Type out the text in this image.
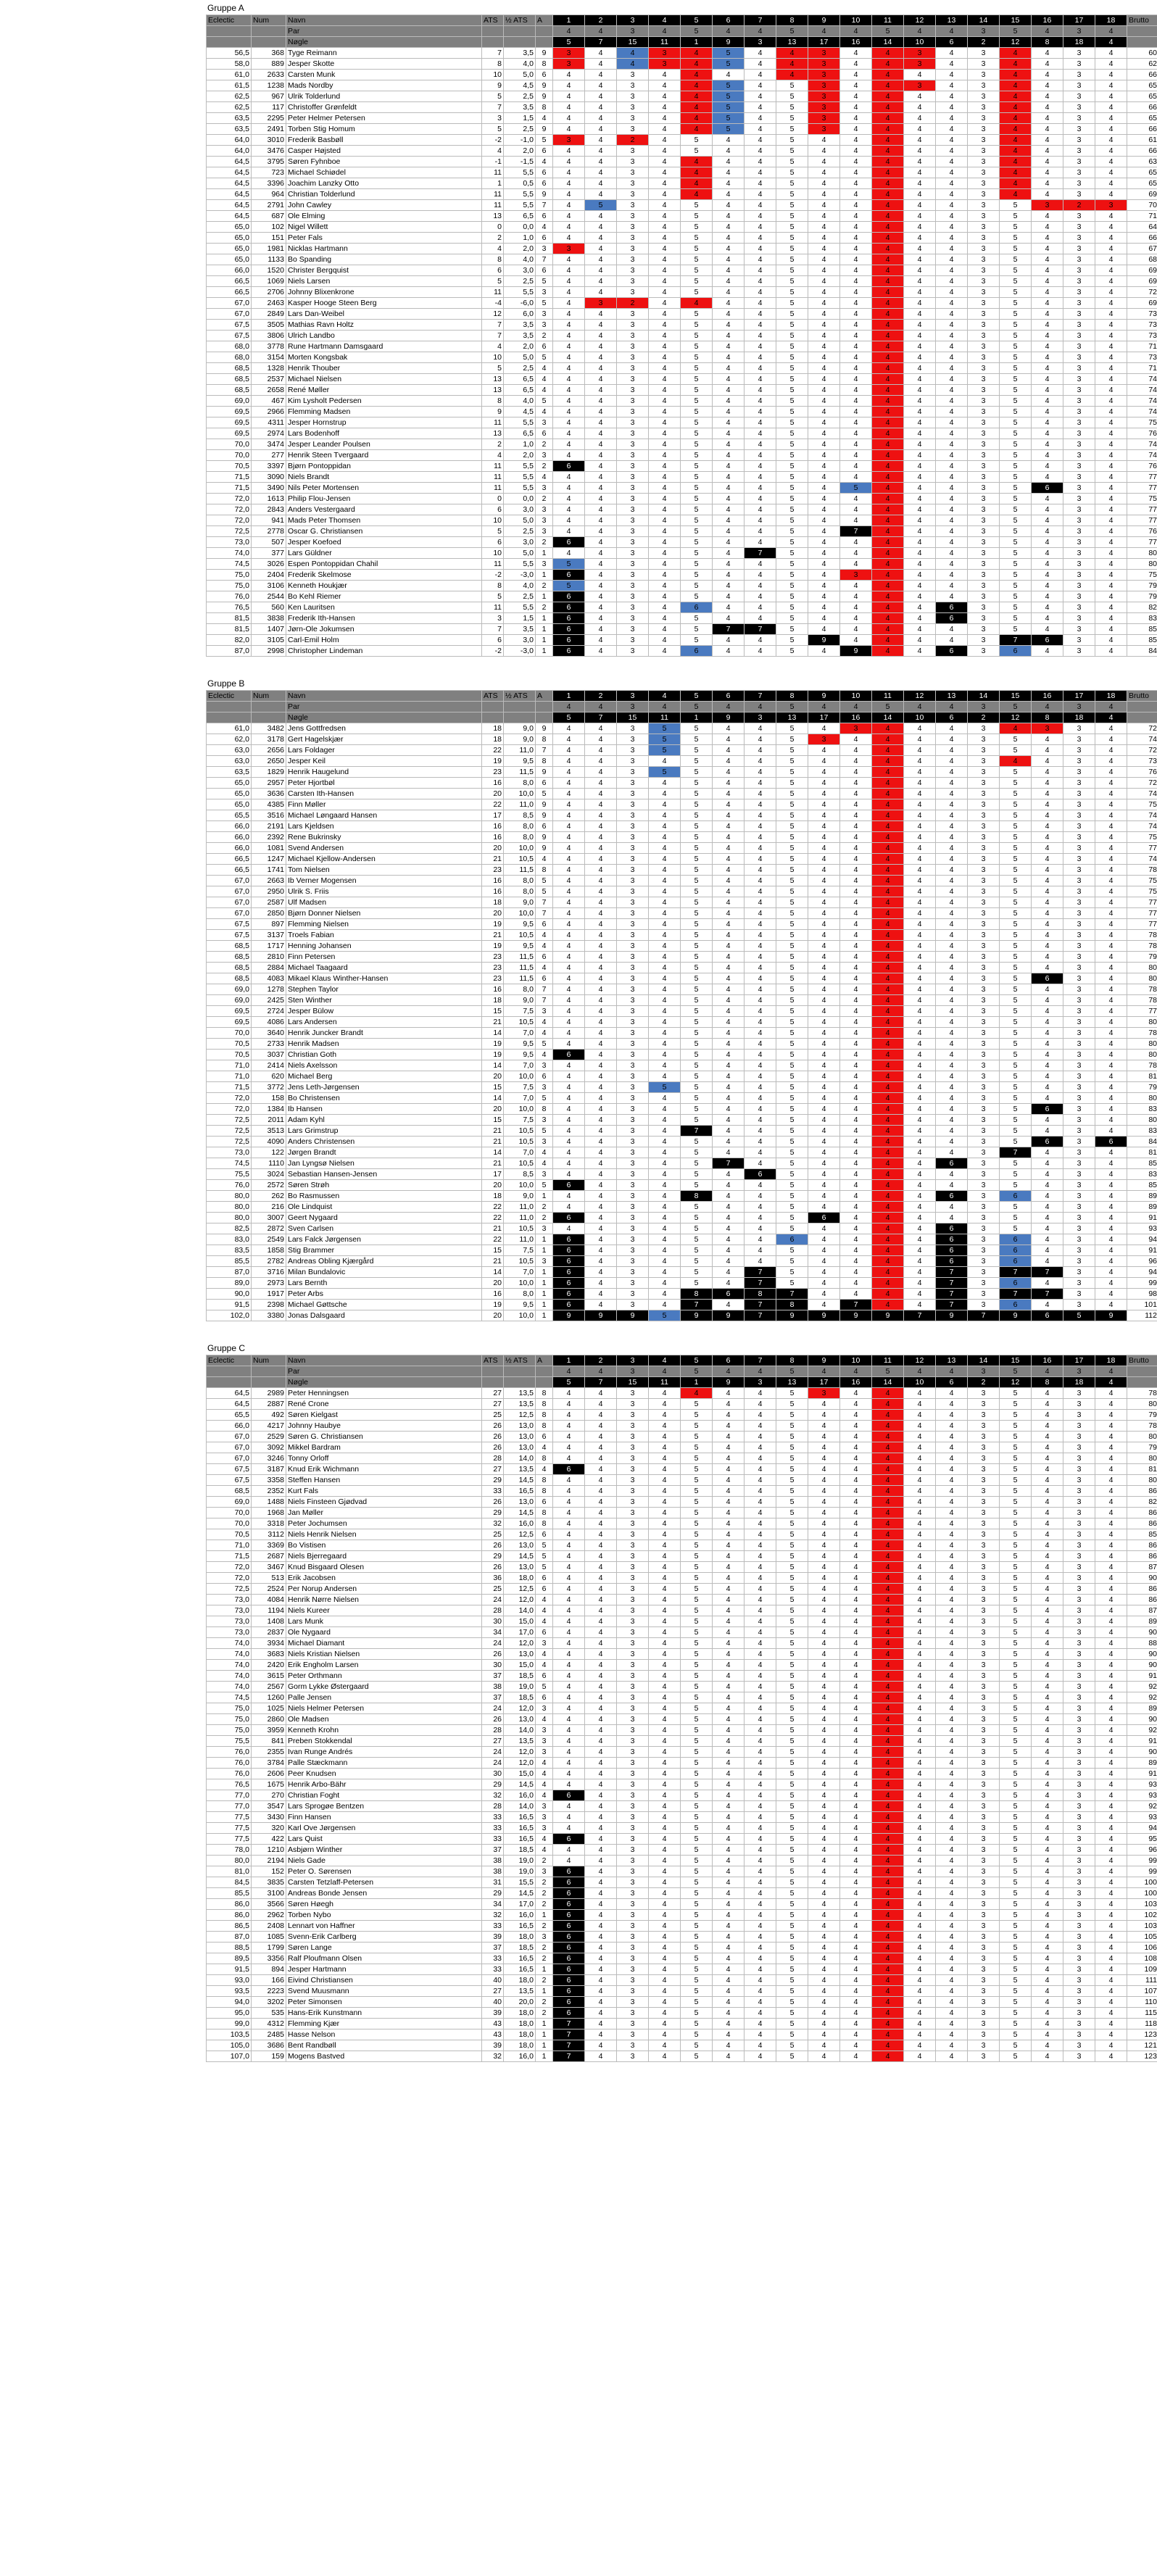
Gruppe A
Eclectic	Num	Navn	ATS	½ ATS	A	1	2	3	4	5	6	7	8	9	10	11	12	13	14	15	16	17	18	Brutto
		Par				4	4	3	4	5	4	4	5	4	4	5	4	4	3	5	4	3	4	
		Nøgle				5	7	15	11	1	9	3	13	17	16	14	10	6	2	12	8	18	4	
56,5	368	Tyge Reimann	7	3,5	9	3	4	4	3	4	5	4	4	3	4	4	3	4	3	4	4	3	4	60
58,0	889	Jesper Skotte	8	4,0	8	3	4	4	3	4	5	4	4	3	4	4	3	4	3	4	4	3	4	62
61,0	2633	Carsten Munk	10	5,0	6	4	4	3	4	4	4	4	4	3	4	4	4	4	3	4	4	3	4	66
61,5	1238	Mads Nordby	9	4,5	9	4	4	3	4	4	5	4	5	3	4	4	3	4	3	4	4	3	4	65
62,5	967	Ulrik Tolderlund	5	2,5	9	4	4	3	4	4	5	4	5	3	4	4	4	4	3	4	4	3	4	65
62,5	117	Christoffer Grønfeldt	7	3,5	8	4	4	3	4	4	5	4	5	3	4	4	4	4	3	4	4	3	4	66
63,5	2295	Peter Helmer Petersen	3	1,5	4	4	4	3	4	4	5	4	5	3	4	4	4	4	3	4	4	3	4	65
63,5	2491	Torben Stig Homum	5	2,5	9	4	4	3	4	4	5	4	5	3	4	4	4	4	3	4	4	3	4	66
64,0	3010	Frederik Basbøll	-2	-1,0	5	3	4	2	4	5	4	4	5	4	4	4	4	4	3	4	4	3	4	61
64,0	3476	Casper Højsted	4	2,0	6	4	4	3	4	5	4	4	5	4	4	4	4	4	3	4	4	3	4	66
64,5	3795	Søren Fyhnboe	-1	-1,5	4	4	4	3	4	4	4	4	5	4	4	4	4	4	3	4	4	3	4	63
64,5	723	Michael Schiødel	11	5,5	6	4	4	3	4	4	4	4	5	4	4	4	4	4	3	4	4	3	4	65
64,5	3396	Joachim Lanzky Otto	1	0,5	6	4	4	3	4	4	4	4	5	4	4	4	4	4	3	4	4	3	4	65
64,5	964	Christian Tolderlund	11	5,5	9	4	4	3	4	4	4	4	5	4	4	4	4	4	3	4	4	3	4	69
64,5	2791	John Cawley	11	5,5	7	4	5	3	4	5	4	4	5	4	4	4	4	4	3	5	3	2	3	70
64,5	687	Ole Elming	13	6,5	6	4	4	3	4	5	4	4	5	4	4	4	4	4	3	5	4	3	4	71
65,0	102	Nigel Willett	0	0,0	4	4	4	3	4	5	4	4	5	4	4	4	4	4	3	5	4	3	4	64
65,0	151	Peter Fals	2	1,0	6	4	4	3	4	5	4	4	5	4	4	4	4	4	3	5	4	3	4	66
65,0	1981	Nicklas Hartmann	4	2,0	3	3	4	3	4	5	4	4	5	4	4	4	4	4	3	5	4	3	4	67
65,0	1133	Bo Spanding	8	4,0	7	4	4	3	4	5	4	4	5	4	4	4	4	4	3	5	4	3	4	68
66,0	1520	Christer Bergquist	6	3,0	6	4	4	3	4	5	4	4	5	4	4	4	4	4	3	5	4	3	4	69
66,5	1069	Niels Larsen	5	2,5	5	4	4	3	4	5	4	4	5	4	4	4	4	4	3	5	4	3	4	69
66,5	2706	Johnny Blixenkrone	11	5,5	3	4	4	3	4	5	4	4	5	4	4	4	4	4	3	5	4	3	4	72
67,0	2463	Kasper Hooge Steen Berg	-4	-6,0	5	4	3	2	4	4	4	4	5	4	4	4	4	4	3	5	4	3	4	69
67,0	2849	Lars Dan-Weibel	12	6,0	3	4	4	3	4	5	4	4	5	4	4	4	4	4	3	5	4	3	4	73
67,5	3505	Mathias Ravn Holtz	7	3,5	3	4	4	3	4	5	4	4	5	4	4	4	4	4	3	5	4	3	4	73
67,5	3806	Ulrich Landbo	7	3,5	2	4	4	3	4	5	4	4	5	4	4	4	4	4	3	5	4	3	4	73
68,0	3778	Rune Hartmann Damsgaard	4	2,0	6	4	4	3	4	5	4	4	5	4	4	4	4	4	3	5	4	3	4	71
68,0	3154	Morten Kongsbak	10	5,0	5	4	4	3	4	5	4	4	5	4	4	4	4	4	3	5	4	3	4	73
68,5	1328	Henrik Thouber	5	2,5	4	4	4	3	4	5	4	4	5	4	4	4	4	4	3	5	4	3	4	71
68,5	2537	Michael Nielsen	13	6,5	4	4	4	3	4	5	4	4	5	4	4	4	4	4	3	5	4	3	4	74
68,5	2658	René Møller	13	6,5	4	4	4	3	4	5	4	4	5	4	4	4	4	4	3	5	4	3	4	74
69,0	467	Kim Lysholt Pedersen	8	4,0	5	4	4	3	4	5	4	4	5	4	4	4	4	4	3	5	4	3	4	74
69,5	2966	Flemming Madsen	9	4,5	4	4	4	3	4	5	4	4	5	4	4	4	4	4	3	5	4	3	4	74
69,5	4311	Jesper Hornstrup	11	5,5	3	4	4	3	4	5	4	4	5	4	4	4	4	4	3	5	4	3	4	75
69,5	2974	Lars Bodenhoff	13	6,5	6	4	4	3	4	5	4	4	5	4	4	4	4	4	3	5	4	3	4	76
70,0	3474	Jesper Leander Poulsen	2	1,0	2	4	4	3	4	5	4	4	5	4	4	4	4	4	3	5	4	3	4	74
70,0	277	Henrik Steen Tvergaard	4	2,0	3	4	4	3	4	5	4	4	5	4	4	4	4	4	3	5	4	3	4	74
70,5	3397	Bjørn Pontoppidan	11	5,5	2	6	4	3	4	5	4	4	5	4	4	4	4	4	3	5	4	3	4	76
71,5	3090	Niels Brandt	11	5,5	4	4	4	3	4	5	4	4	5	4	4	4	4	4	3	5	4	3	4	77
71,5	3490	Nils Peter Mortensen	11	5,5	3	4	4	3	4	5	4	4	5	4	5	4	4	4	3	5	6	3	4	77
72,0	1613	Philip Flou-Jensen	0	0,0	2	4	4	3	4	5	4	4	5	4	4	4	4	4	3	5	4	3	4	75
72,0	2843	Anders Vestergaard	6	3,0	3	4	4	3	4	5	4	4	5	4	4	4	4	4	3	5	4	3	4	77
72,0	941	Mads Peter Thomsen	10	5,0	3	4	4	3	4	5	4	4	5	4	4	4	4	4	3	5	4	3	4	77
72,5	2778	Oscar G. Christiansen	5	2,5	3	4	4	3	4	5	4	4	5	4	7	4	4	4	3	5	4	3	4	76
73,0	507	Jesper Koefoed	6	3,0	2	6	4	3	4	5	4	4	5	4	4	4	4	4	3	5	4	3	4	77
74,0	377	Lars Güldner	10	5,0	1	4	4	3	4	5	4	7	5	4	4	4	4	4	3	5	4	3	4	80
74,5	3026	Espen Pontoppidan Chahil	11	5,5	3	5	4	3	4	5	4	4	5	4	4	4	4	4	3	5	4	3	4	80
75,0	2404	Frederik Skelmose	-2	-3,0	1	6	4	3	4	5	4	4	5	4	3	4	4	4	3	5	4	3	4	75
75,0	3106	Kenneth Houkjær	8	4,0	2	5	4	3	4	5	4	4	5	4	4	4	4	4	3	5	4	3	4	79
76,0	2544	Bo Kehl Riemer	5	2,5	1	6	4	3	4	5	4	4	5	4	4	4	4	4	3	5	4	3	4	79
76,5	560	Ken Lauritsen	11	5,5	2	6	4	3	4	6	4	4	5	4	4	4	4	6	3	5	4	3	4	82
81,5	3838	Frederik Ith-Hansen	3	1,5	1	6	4	3	4	5	4	4	5	4	4	4	4	6	3	5	4	3	4	83
81,5	1407	Jørn-Ole Jokumsen	7	3,5	1	6	4	3	4	5	7	7	5	4	4	4	4	4	3	5	4	3	4	85
82,0	3105	Carl-Emil Holm	6	3,0	1	6	4	3	4	5	4	4	5	9	4	4	4	4	3	7	6	3	4	85
87,0	2998	Christopher Lindeman	-2	-3,0	1	6	4	3	4	6	4	4	5	4	9	4	4	6	3	6	4	3	4	84
Gruppe B
Eclectic	Num	Navn	ATS	½ ATS	A	1	2	3	4	5	6	7	8	9	10	11	12	13	14	15	16	17	18	Brutto
		Par				4	4	3	4	5	4	4	5	4	4	5	4	4	3	5	4	3	4	
		Nøgle				5	7	15	11	1	9	3	13	17	16	14	10	6	2	12	8	18	4	
61,0	3482	Jens Gottfredsen	18	9,0	9	4	4	3	5	5	4	4	5	4	3	4	4	4	3	4	3	3	4	72
62,0	3178	Gert Hagelskjær	18	9,0	8	4	4	3	5	5	4	4	5	3	4	4	4	4	3	5	4	3	4	74
63,0	2656	Lars Foldager	22	11,0	7	4	4	3	5	5	4	4	5	4	4	4	4	4	3	5	4	3	4	72
63,0	2650	Jesper Keil	19	9,5	8	4	4	3	4	5	4	4	5	4	4	4	4	4	3	4	4	3	4	73
63,5	1829	Henrik Haugelund	23	11,5	9	4	4	3	5	5	4	4	5	4	4	4	4	4	3	5	4	3	4	76
65,0	2957	Peter Hjortbøl	16	8,0	6	4	4	3	4	5	4	4	5	4	4	4	4	4	3	5	4	3	4	72
65,0	3636	Carsten Ith-Hansen	20	10,0	5	4	4	3	4	5	4	4	5	4	4	4	4	4	3	5	4	3	4	74
65,0	4385	Finn Møller	22	11,0	9	4	4	3	4	5	4	4	5	4	4	4	4	4	3	5	4	3	4	75
65,5	3516	Michael Løngaard Hansen	17	8,5	9	4	4	3	4	5	4	4	5	4	4	4	4	4	3	5	4	3	4	74
66,0	2191	Lars Kjeldsen	16	8,0	6	4	4	3	4	5	4	4	5	4	4	4	4	4	3	5	4	3	4	74
66,0	2392	Rene Bukrinsky	16	8,0	9	4	4	3	4	5	4	4	5	4	4	4	4	4	3	5	4	3	4	75
66,0	1081	Svend Andersen	20	10,0	9	4	4	3	4	5	4	4	5	4	4	4	4	4	3	5	4	3	4	77
66,5	1247	Michael Kjellow-Andersen	21	10,5	4	4	4	3	4	5	4	4	5	4	4	4	4	4	3	5	4	3	4	74
66,5	1741	Tom Nielsen	23	11,5	8	4	4	3	4	5	4	4	5	4	4	4	4	4	3	5	4	3	4	78
67,0	2663	Ib Verner Mogensen	16	8,0	5	4	4	3	4	5	4	4	5	4	4	4	4	4	3	5	4	3	4	75
67,0	2950	Ulrik S. Friis	16	8,0	5	4	4	3	4	5	4	4	5	4	4	4	4	4	3	5	4	3	4	75
67,0	2587	Ulf Madsen	18	9,0	7	4	4	3	4	5	4	4	5	4	4	4	4	4	3	5	4	3	4	77
67,0	2850	Bjørn Donner Nielsen	20	10,0	7	4	4	3	4	5	4	4	5	4	4	4	4	4	3	5	4	3	4	77
67,5	897	Flemming Nielsen	19	9,5	6	4	4	3	4	5	4	4	5	4	4	4	4	4	3	5	4	3	4	77
67,5	3137	Troels Fabian	21	10,5	4	4	4	3	4	5	4	4	5	4	4	4	4	4	3	5	4	3	4	78
68,5	1717	Henning Johansen	19	9,5	4	4	4	3	4	5	4	4	5	4	4	4	4	4	3	5	4	3	4	78
68,5	2810	Finn Petersen	23	11,5	6	4	4	3	4	5	4	4	5	4	4	4	4	4	3	5	4	3	4	79
68,5	2884	Michael Taagaard	23	11,5	4	4	4	3	4	5	4	4	5	4	4	4	4	4	3	5	4	3	4	80
68,5	4083	Mikael Klaus Winther-Hansen	23	11,5	6	4	4	3	4	5	4	4	5	4	4	4	4	4	3	5	6	3	4	80
69,0	1278	Stephen Taylor	16	8,0	7	4	4	3	4	5	4	4	5	4	4	4	4	4	3	5	4	3	4	78
69,0	2425	Sten Winther	18	9,0	7	4	4	3	4	5	4	4	5	4	4	4	4	4	3	5	4	3	4	78
69,5	2724	Jesper Bülow	15	7,5	3	4	4	3	4	5	4	4	5	4	4	4	4	4	3	5	4	3	4	77
69,5	4086	Lars Andersen	21	10,5	4	4	4	3	4	5	4	4	5	4	4	4	4	4	3	5	4	3	4	80
70,0	3640	Henrik Juncker Brandt	14	7,0	4	4	4	3	4	5	4	4	5	4	4	4	4	4	3	5	4	3	4	78
70,5	2733	Henrik Madsen	19	9,5	5	4	4	3	4	5	4	4	5	4	4	4	4	4	3	5	4	3	4	80
70,5	3037	Christian Goth	19	9,5	4	6	4	3	4	5	4	4	5	4	4	4	4	4	3	5	4	3	4	80
71,0	2414	Niels Axelsson	14	7,0	3	4	4	3	4	5	4	4	5	4	4	4	4	4	3	5	4	3	4	78
71,0	620	Michael Berg	20	10,0	6	4	4	3	4	5	4	4	5	4	4	4	4	4	3	5	4	3	4	81
71,5	3772	Jens Leth-Jørgensen	15	7,5	3	4	4	3	5	5	4	4	5	4	4	4	4	4	3	5	4	3	4	79
72,0	158	Bo Christensen	14	7,0	5	4	4	3	4	5	4	4	5	4	4	4	4	4	3	5	4	3	4	80
72,0	1384	Ib Hansen	20	10,0	8	4	4	3	4	5	4	4	5	4	4	4	4	4	3	5	6	3	4	83
72,5	2011	Adam Kyhl	15	7,5	3	4	4	3	4	5	4	4	5	4	4	4	4	4	3	5	4	3	4	80
72,5	3513	Lars Grimstrup	21	10,5	5	4	4	3	4	7	4	4	5	4	4	4	4	4	3	5	4	3	4	83
72,5	4090	Anders Christensen	21	10,5	3	4	4	3	4	5	4	4	5	4	4	4	4	4	3	5	6	3	6	84
73,0	122	Jørgen Brandt	14	7,0	4	4	4	3	4	5	4	4	5	4	4	4	4	4	3	7	4	3	4	81
74,5	1110	Jan Lyngsø Nielsen	21	10,5	4	4	4	3	4	5	7	4	5	4	4	4	4	6	3	5	4	3	4	85
75,5	3024	Sebastian Hansen-Jensen	17	8,5	3	4	4	3	4	5	4	6	5	4	4	4	4	4	3	5	4	3	4	83
76,0	2572	Søren Strøh	20	10,0	5	6	4	3	4	5	4	4	5	4	4	4	4	4	3	5	4	3	4	85
80,0	262	Bo Rasmussen	18	9,0	1	4	4	3	4	8	4	4	5	4	4	4	4	6	3	6	4	3	4	89
80,0	216	Ole Lindquist	22	11,0	2	4	4	3	4	5	4	4	5	4	4	4	4	4	3	5	4	3	4	89
80,0	3007	Geert Nygaard	22	11,0	2	6	4	3	4	5	4	4	5	6	4	4	4	4	3	5	4	3	4	91
82,5	2872	Sven Carlsen	21	10,5	3	4	4	3	4	5	4	4	5	4	4	4	4	6	3	5	4	3	4	93
83,0	2549	Lars Falck Jørgensen	22	11,0	1	6	4	3	4	5	4	4	6	4	4	4	4	6	3	6	4	3	4	94
83,5	1858	Stig Brammer	15	7,5	1	6	4	3	4	5	4	4	5	4	4	4	4	6	3	6	4	3	4	91
85,5	2782	Andreas Obling Kjærgård	21	10,5	3	6	4	3	4	5	4	4	5	4	4	4	4	6	3	6	4	3	4	96
87,0	3716	Milan Bundalovic	14	7,0	1	6	4	3	4	5	4	7	5	4	4	4	4	7	3	7	7	3	4	94
89,0	2973	Lars Bernth	20	10,0	1	6	4	3	4	5	4	7	5	4	4	4	4	7	3	6	4	3	4	99
90,0	1917	Peter Arbs	16	8,0	1	6	4	3	4	8	6	8	7	4	4	4	4	7	3	7	7	3	4	98
91,5	2398	Michael Gøttsche	19	9,5	1	6	4	3	4	7	4	7	8	4	7	4	4	7	3	6	4	3	4	101
102,0	3380	Jonas Dalsgaard	20	10,0	1	9	9	9	5	9	9	7	9	9	9	9	7	9	7	9	6	5	9	112
Gruppe C
Eclectic	Num	Navn	ATS	½ ATS	A	1	2	3	4	5	6	7	8	9	10	11	12	13	14	15	16	17	18	Brutto
		Par				4	4	3	4	5	4	4	5	4	4	5	4	4	3	5	4	3	4	
		Nøgle				5	7	15	11	1	9	3	13	17	16	14	10	6	2	12	8	18	4	
64,5	2989	Peter Henningsen	27	13,5	8	4	4	3	4	4	4	4	5	3	4	4	4	4	3	5	4	3	4	78
64,5	2887	René Crone	27	13,5	8	4	4	3	4	5	4	4	5	4	4	4	4	4	3	5	4	3	4	80
65,5	492	Søren Kielgast	25	12,5	8	4	4	3	4	5	4	4	5	4	4	4	4	4	3	5	4	3	4	79
66,0	4217	Johnny Haubye	26	13,0	8	4	4	3	4	5	4	4	5	4	4	4	4	4	3	5	4	3	4	78
67,0	2529	Søren G. Christiansen	26	13,0	6	4	4	3	4	5	4	4	5	4	4	4	4	4	3	5	4	3	4	80
67,0	3092	Mikkel Bardram	26	13,0	4	4	4	3	4	5	4	4	5	4	4	4	4	4	3	5	4	3	4	79
67,0	3246	Tonny Orloff	28	14,0	8	4	4	3	4	5	4	4	5	4	4	4	4	4	3	5	4	3	4	80
67,5	3187	Knud Erik Wichmann	27	13,5	4	6	4	3	4	5	4	4	5	4	4	4	4	4	3	5	4	3	4	81
67,5	3358	Steffen Hansen	29	14,5	8	4	4	3	4	5	4	4	5	4	4	4	4	4	3	5	4	3	4	80
68,5	2352	Kurt Fals	33	16,5	8	4	4	3	4	5	4	4	5	4	4	4	4	4	3	5	4	3	4	86
69,0	1488	Niels Finsteen Gjødvad	26	13,0	6	4	4	3	4	5	4	4	5	4	4	4	4	4	3	5	4	3	4	82
70,0	1968	Jan Møller	29	14,5	8	4	4	3	4	5	4	4	5	4	4	4	4	4	3	5	4	3	4	86
70,0	3318	Peter Jochumsen	32	16,0	8	4	4	3	4	5	4	4	5	4	4	4	4	4	3	5	4	3	4	86
70,5	3112	Niels Henrik Nielsen	25	12,5	6	4	4	3	4	5	4	4	5	4	4	4	4	4	3	5	4	3	4	85
71,0	3369	Bo Vistisen	26	13,0	5	4	4	3	4	5	4	4	5	4	4	4	4	4	3	5	4	3	4	86
71,5	2687	Niels Bjerregaard	29	14,5	5	4	4	3	4	5	4	4	5	4	4	4	4	4	3	5	4	3	4	86
72,0	3467	Knud Bisgaard Olesen	26	13,0	5	4	4	3	4	5	4	4	5	4	4	4	4	4	3	5	4	3	4	87
72,0	513	Erik Jacobsen	36	18,0	6	4	4	3	4	5	4	4	5	4	4	4	4	4	3	5	4	3	4	90
72,5	2524	Per Norup Andersen	25	12,5	6	4	4	3	4	5	4	4	5	4	4	4	4	4	3	5	4	3	4	86
73,0	4084	Henrik Nørre Nielsen	24	12,0	4	4	4	3	4	5	4	4	5	4	4	4	4	4	3	5	4	3	4	86
73,0	1194	Niels Kureer	28	14,0	4	4	4	3	4	5	4	4	5	4	4	4	4	4	3	5	4	3	4	87
73,0	1408	Lars Munk	30	15,0	4	4	4	3	4	5	4	4	5	4	4	4	4	4	3	5	4	3	4	89
73,0	2837	Ole Nygaard	34	17,0	6	4	4	3	4	5	4	4	5	4	4	4	4	4	3	5	4	3	4	90
74,0	3934	Michael Diamant	24	12,0	3	4	4	3	4	5	4	4	5	4	4	4	4	4	3	5	4	3	4	88
74,0	3683	Niels Kristian Nielsen	26	13,0	4	4	4	3	4	5	4	4	5	4	4	4	4	4	3	5	4	3	4	90
74,0	2420	Erik Engholm Larsen	30	15,0	4	4	4	3	4	5	4	4	5	4	4	4	4	4	3	5	4	3	4	90
74,0	3615	Peter Orthmann	37	18,5	6	4	4	3	4	5	4	4	5	4	4	4	4	4	3	5	4	3	4	91
74,0	2567	Gorm Lykke Østergaard	38	19,0	5	4	4	3	4	5	4	4	5	4	4	4	4	4	3	5	4	3	4	92
74,5	1260	Palle Jensen	37	18,5	6	4	4	3	4	5	4	4	5	4	4	4	4	4	3	5	4	3	4	92
75,0	1025	Niels Helmer Petersen	24	12,0	3	4	4	3	4	5	4	4	5	4	4	4	4	4	3	5	4	3	4	89
75,0	2860	Ole Madsen	26	13,0	4	4	4	3	4	5	4	4	5	4	4	4	4	4	3	5	4	3	4	90
75,0	3959	Kenneth Krohn	28	14,0	3	4	4	3	4	5	4	4	5	4	4	4	4	4	3	5	4	3	4	92
75,5	841	Preben Stokkendal	27	13,5	3	4	4	3	4	5	4	4	5	4	4	4	4	4	3	5	4	3	4	91
76,0	2355	Ivan Runge Andrés	24	12,0	3	4	4	3	4	5	4	4	5	4	4	4	4	4	3	5	4	3	4	90
76,0	3784	Palle Stæckmann	24	12,0	4	4	4	3	4	5	4	4	5	4	4	4	4	4	3	5	4	3	4	89
76,0	2606	Peer Knudsen	30	15,0	4	4	4	3	4	5	4	4	5	4	4	4	4	4	3	5	4	3	4	91
76,5	1675	Henrik Arbo-Bähr	29	14,5	4	4	4	3	4	5	4	4	5	4	4	4	4	4	3	5	4	3	4	93
77,0	270	Christian Foght	32	16,0	4	6	4	3	4	5	4	4	5	4	4	4	4	4	3	5	4	3	4	93
77,0	3547	Lars Sprogøe Bentzen	28	14,0	3	4	4	3	4	5	4	4	5	4	4	4	4	4	3	5	4	3	4	92
77,5	3430	Finn Hansen	33	16,5	3	4	4	3	4	5	4	4	5	4	4	4	4	4	3	5	4	3	4	93
77,5	320	Karl Ove Jørgensen	33	16,5	3	4	4	3	4	5	4	4	5	4	4	4	4	4	3	5	4	3	4	94
77,5	422	Lars Quist	33	16,5	4	6	4	3	4	5	4	4	5	4	4	4	4	4	3	5	4	3	4	95
78,0	1210	Asbjørn Winther	37	18,5	4	4	4	3	4	5	4	4	5	4	4	4	4	4	3	5	4	3	4	96
80,0	2194	Niels Gade	38	19,0	2	4	4	3	4	5	4	4	5	4	4	4	4	4	3	5	4	3	4	99
81,0	152	Peter O. Sørensen	38	19,0	3	6	4	3	4	5	4	4	5	4	4	4	4	4	3	5	4	3	4	99
84,5	3835	Carsten Tetzlaff-Petersen	31	15,5	2	6	4	3	4	5	4	4	5	4	4	4	4	4	3	5	4	3	4	100
85,5	3100	Andreas Bonde Jensen	29	14,5	2	6	4	3	4	5	4	4	5	4	4	4	4	4	3	5	4	3	4	100
86,0	3566	Søren Høegh	34	17,0	2	6	4	3	4	5	4	4	5	4	4	4	4	4	3	5	4	3	4	103
86,0	2962	Torben Nybo	32	16,0	1	6	4	3	4	5	4	4	5	4	4	4	4	4	3	5	4	3	4	102
86,5	2408	Lennart von Haffner	33	16,5	2	6	4	3	4	5	4	4	5	4	4	4	4	4	3	5	4	3	4	103
87,0	1085	Svenn-Erik Carlberg	39	18,0	3	6	4	3	4	5	4	4	5	4	4	4	4	4	3	5	4	3	4	105
88,5	1799	Søren Lange	37	18,5	2	6	4	3	4	5	4	4	5	4	4	4	4	4	3	5	4	3	4	106
89,5	3356	Ralf Ploufmann Olsen	33	16,5	2	6	4	3	4	5	4	4	5	4	4	4	4	4	3	5	4	3	4	108
91,5	894	Jesper Hartmann	33	16,5	1	6	4	3	4	5	4	4	5	4	4	4	4	4	3	5	4	3	4	109
93,0	166	Eivind Christiansen	40	18,0	2	6	4	3	4	5	4	4	5	4	4	4	4	4	3	5	4	3	4	111
93,5	2223	Svend Muusmann	27	13,5	1	6	4	3	4	5	4	4	5	4	4	4	4	4	3	5	4	3	4	107
94,0	3202	Peter Simonsen	40	20,0	2	6	4	3	4	5	4	4	5	4	4	4	4	4	3	5	4	3	4	110
95,0	535	Hans-Erik Kunstmann	39	18,0	2	6	4	3	4	5	4	4	5	4	4	4	4	4	3	5	4	3	4	115
99,0	4312	Flemming Kjær	43	18,0	1	7	4	3	4	5	4	4	5	4	4	4	4	4	3	5	4	3	4	118
103,5	2485	Hasse Nelson	43	18,0	1	7	4	3	4	5	4	4	5	4	4	4	4	4	3	5	4	3	4	123
105,0	3686	Bent Randbøll	39	18,0	1	7	4	3	4	5	4	4	5	4	4	4	4	4	3	5	4	3	4	121
107,0	159	Mogens Bastved	32	16,0	1	7	4	3	4	5	4	4	5	4	4	4	4	4	3	5	4	3	4	123
